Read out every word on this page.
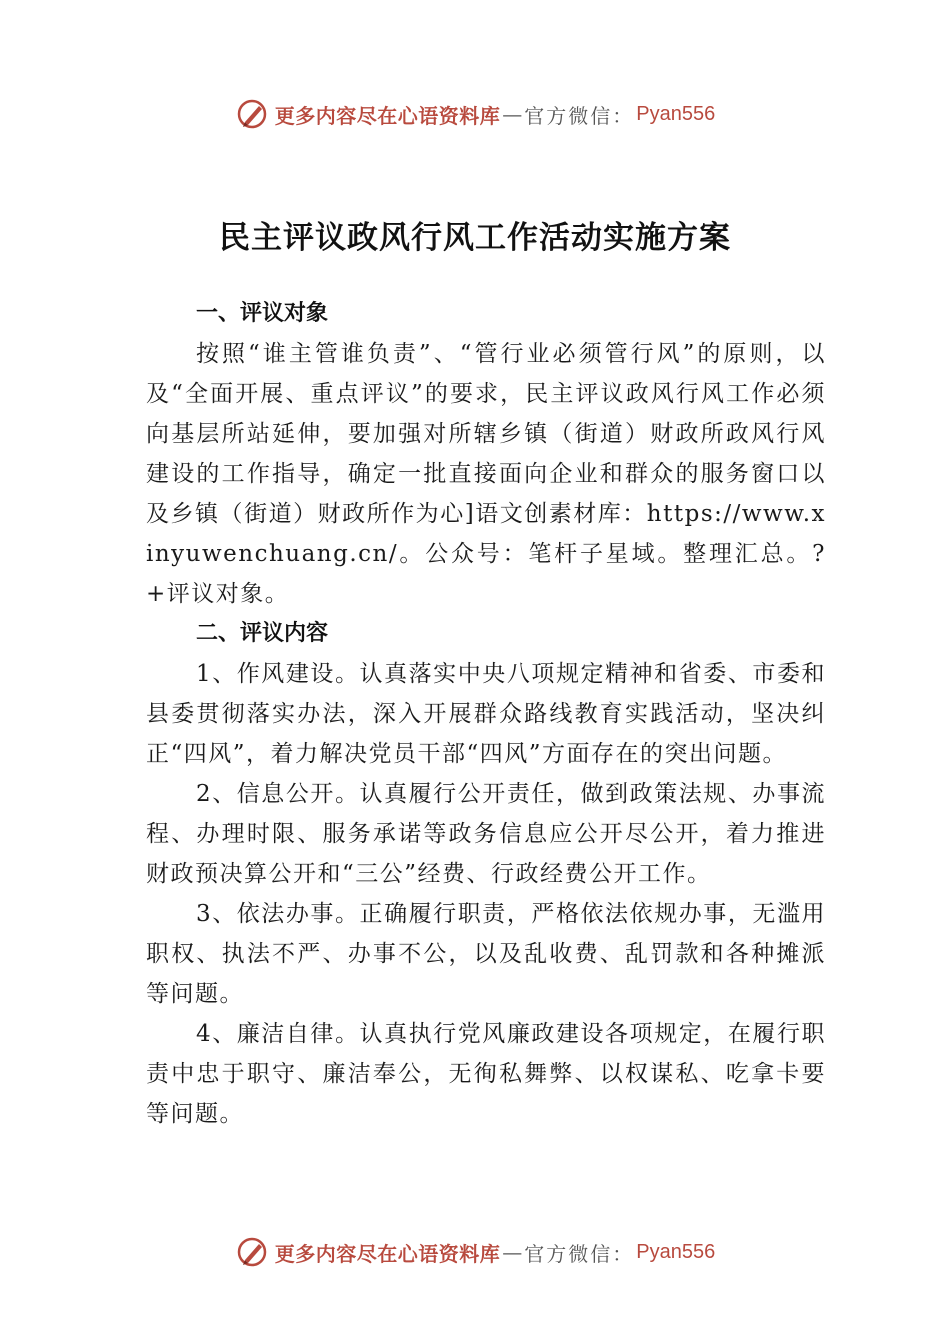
更多内容尽在心语资料库 — 官方微信： Pyan556
民主评议政风行风工作活动实施方案

一、评议对象

按照“谁主管谁负责”、“管行业必须管行风”的原则，以及“全面开展、重点评议”的要求，民主评议政风行风工作必须向基层所站延伸，要加强对所辖乡镇（街道）财政所政风行风建设的工作指导，确定一批直接面向企业和群众的服务窗口以及乡镇（街道）财政所作为心]语文创素材库：https://www.xinyuwenchuang.cn/。公众号：笔杆子星域。整理汇总。?+评议对象。

二、评议内容

1、作风建设。认真落实中央八项规定精神和省委、市委和县委贯彻落实办法，深入开展群众路线教育实践活动，坚决纠正“四风”，着力解决党员干部“四风”方面存在的突出问题。

2、信息公开。认真履行公开责任，做到政策法规、办事流程、办理时限、服务承诺等政务信息应公开尽公开，着力推进财政预决算公开和“三公”经费、行政经费公开工作。

3、依法办事。正确履行职责，严格依法依规办事，无滥用职权、执法不严、办事不公，以及乱收费、乱罚款和各种摊派等问题。

4、廉洁自律。认真执行党风廉政建设各项规定，在履行职责中忠于职守、廉洁奉公，无徇私舞弊、以权谋私、吃拿卡要等问题。

更多内容尽在心语资料库 — 官方微信： Pyan556
